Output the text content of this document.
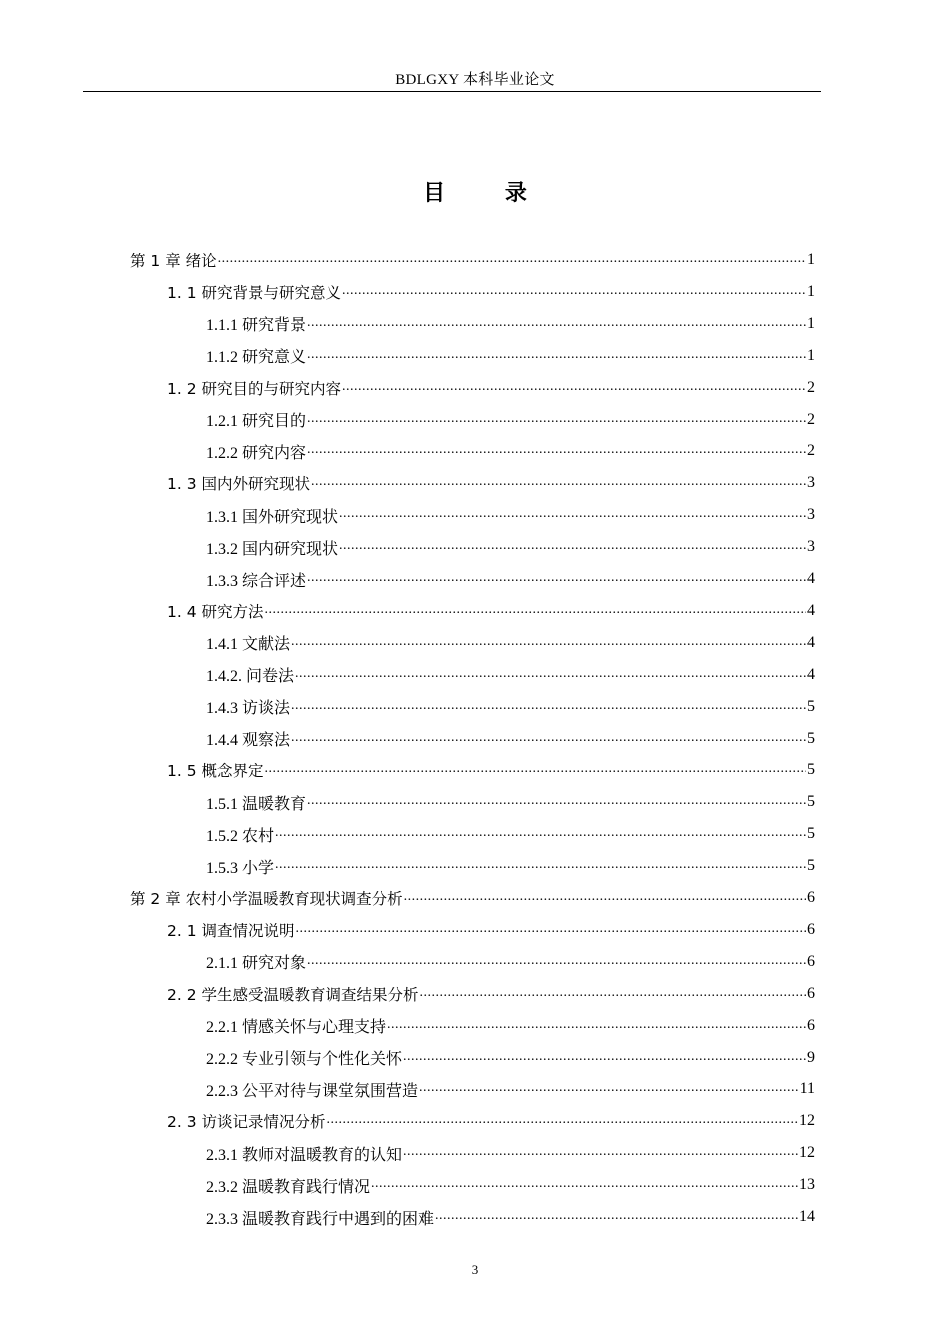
BDLGXY 本科毕业论文
目 录
第 1 章 绪论 .....	1
1. 1 研究背景与研究意义 .....	1
1.1.1 研究背景 .....	1
1.1.2 研究意义 .....	1
1. 2 研究目的与研究内容 .....	2
1.2.1 研究目的 .....	2
1.2.2 研究内容 .....	2
1. 3 国内外研究现状 .....	3
1.3.1 国外研究现状 .....	3
1.3.2 国内研究现状 .....	3
1.3.3 综合评述 .....	4
1. 4 研究方法 .....	4
1.4.1 文献法 .....	4
1.4.2. 问卷法 .....	4
1.4.3 访谈法 .....	5
1.4.4 观察法 .....	5
1. 5 概念界定 .....	5
1.5.1 温暖教育 .....	5
1.5.2 农村 .....	5
1.5.3 小学 .....	5
第 2 章 农村小学温暖教育现状调查分析 .....	6
2. 1 调查情况说明 .....	6
2.1.1 研究对象 .....	6
2. 2 学生感受温暖教育调查结果分析 .....	6
2.2.1 情感关怀与心理支持 .....	6
2.2.2 专业引领与个性化关怀 .....	9
2.2.3 公平对待与课堂氛围营造 .....	11
2. 3 访谈记录情况分析 .....	12
2.3.1 教师对温暖教育的认知 .....	12
2.3.2 温暖教育践行情况 .....	13
2.3.3 温暖教育践行中遇到的困难 .....	14
3
